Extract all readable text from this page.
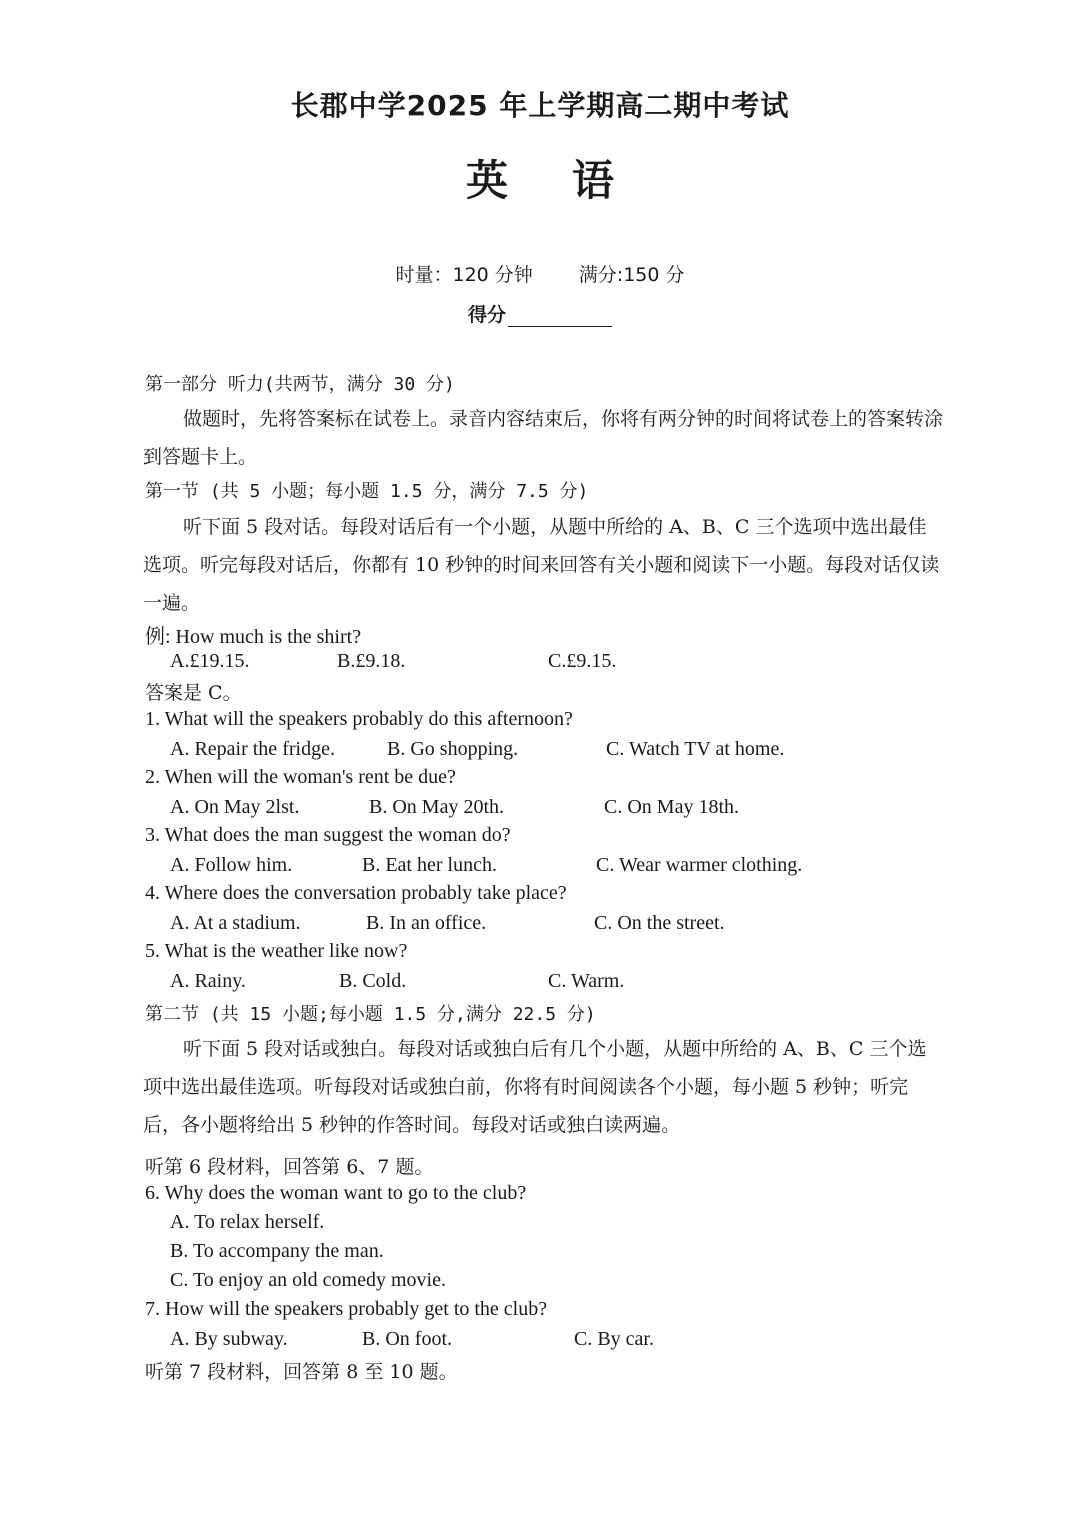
长郡中学2025 年上学期高二期中考试
英 语
时量：120 分钟 满分:150 分
得分
第一部分 听力(共两节，满分 30 分)
做题时，先将答案标在试卷上。录音内容结束后，你将有两分钟的时间将试卷上的答案转涂到答题卡上。
第一节 (共 5 小题；每小题 1.5 分，满分 7.5 分)
听下面 5 段对话。每段对话后有一个小题，从题中所给的 A、B、C 三个选项中选出最佳选项。听完每段对话后，你都有 10 秒钟的时间来回答有关小题和阅读下一小题。每段对话仅读一遍。
例: How much is the shirt?
A.£19.15.	B.£9.18.	C.£9.15.
答案是 C。
1. What will the speakers probably do this afternoon?
A. Repair the fridge.	B. Go shopping.	C. Watch TV at home.
2. When will the woman's rent be due?
A. On May 2lst.	B. On May 20th.	C. On May 18th.
3. What does the man suggest the woman do?
A. Follow him.	B. Eat her lunch.	C. Wear warmer clothing.
4. Where does the conversation probably take place?
A. At a stadium.	B. In an office.	C. On the street.
5. What is the weather like now?
A. Rainy.	B. Cold.	C. Warm.
第二节 (共 15 小题;每小题 1.5 分,满分 22.5 分)
听下面 5 段对话或独白。每段对话或独白后有几个小题，从题中所给的 A、B、C 三个选项中选出最佳选项。听每段对话或独白前，你将有时间阅读各个小题，每小题 5 秒钟；听完后，各小题将给出 5 秒钟的作答时间。每段对话或独白读两遍。
听第 6 段材料，回答第 6、7 题。
6. Why does the woman want to go to the club?
A. To relax herself.
B. To accompany the man.
C. To enjoy an old comedy movie.
7. How will the speakers probably get to the club?
A. By subway.	B. On foot.	C. By car.
听第 7 段材料，回答第 8 至 10 题。
